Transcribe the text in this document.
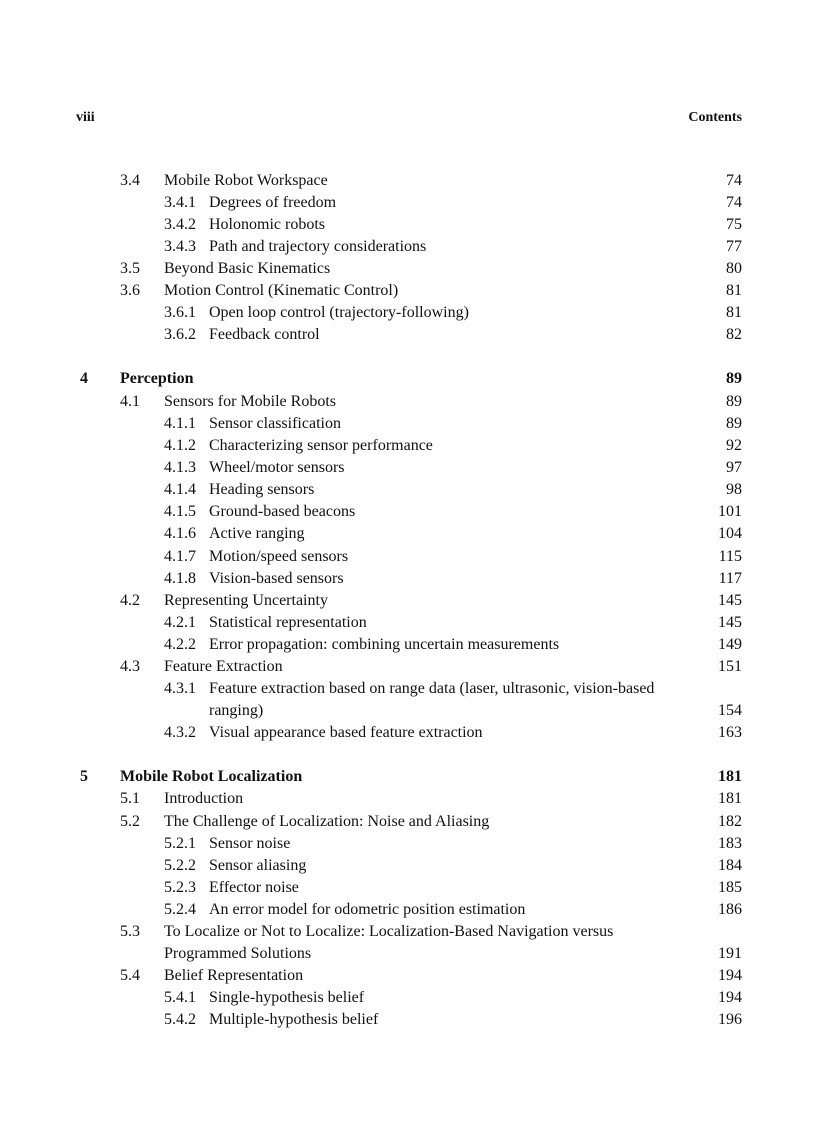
viii	Contents
3.4 Mobile Robot Workspace	74
3.4.1 Degrees of freedom	74
3.4.2 Holonomic robots	75
3.4.3 Path and trajectory considerations	77
3.5 Beyond Basic Kinematics	80
3.6 Motion Control (Kinematic Control)	81
3.6.1 Open loop control (trajectory-following)	81
3.6.2 Feedback control	82
4 Perception	89
4.1 Sensors for Mobile Robots	89
4.1.1 Sensor classification	89
4.1.2 Characterizing sensor performance	92
4.1.3 Wheel/motor sensors	97
4.1.4 Heading sensors	98
4.1.5 Ground-based beacons	101
4.1.6 Active ranging	104
4.1.7 Motion/speed sensors	115
4.1.8 Vision-based sensors	117
4.2 Representing Uncertainty	145
4.2.1 Statistical representation	145
4.2.2 Error propagation: combining uncertain measurements	149
4.3 Feature Extraction	151
4.3.1 Feature extraction based on range data (laser, ultrasonic, vision-based
ranging)	154
4.3.2 Visual appearance based feature extraction	163
5 Mobile Robot Localization	181
5.1 Introduction	181
5.2 The Challenge of Localization: Noise and Aliasing	182
5.2.1 Sensor noise	183
5.2.2 Sensor aliasing	184
5.2.3 Effector noise	185
5.2.4 An error model for odometric position estimation	186
5.3 To Localize or Not to Localize: Localization-Based Navigation versus
Programmed Solutions	191
5.4 Belief Representation	194
5.4.1 Single-hypothesis belief	194
5.4.2 Multiple-hypothesis belief	196
